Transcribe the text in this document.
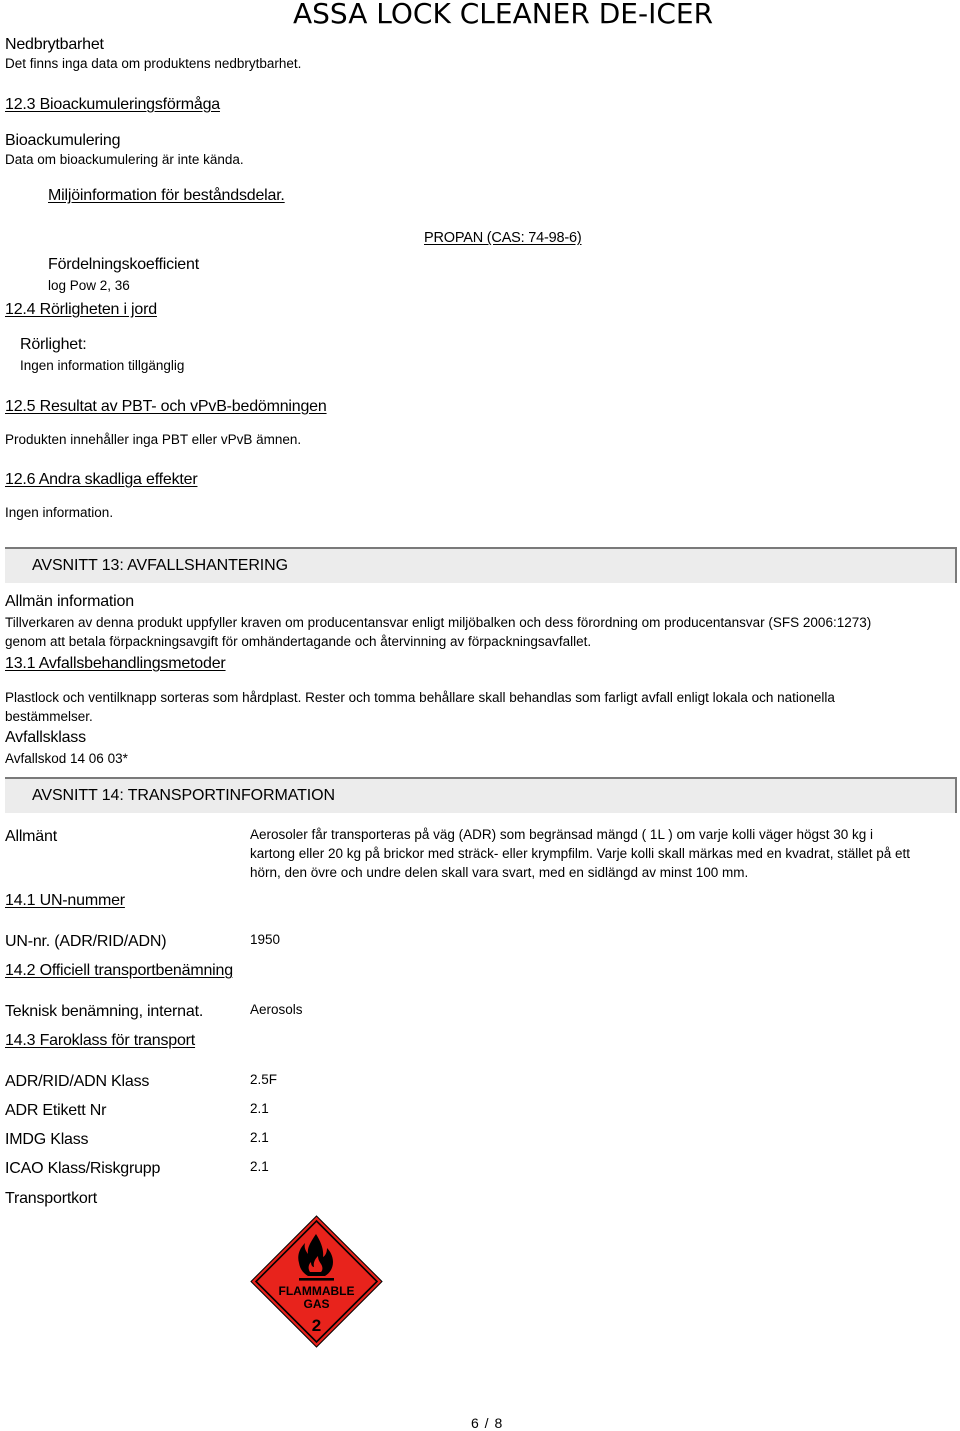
ASSA LOCK CLEANER DE-ICER
Nedbrytbarhet
Det finns inga data om produktens nedbrytbarhet.
12.3 Bioackumuleringsförmåga
Bioackumulering
Data om bioackumulering är inte kända.
Miljöinformation för beståndsdelar.
PROPAN (CAS: 74-98-6)
Fördelningskoefficient
log Pow 2, 36
12.4 Rörligheten i jord
Rörlighet:
Ingen information tillgänglig
12.5 Resultat av PBT- och vPvB-bedömningen
Produkten innehåller inga PBT eller vPvB ämnen.
12.6 Andra skadliga effekter
Ingen information.
AVSNITT 13: AVFALLSHANTERING
Allmän information
Tillverkaren av denna produkt uppfyller kraven om producentansvar enligt miljöbalken och dess förordning om producentansvar (SFS 2006:1273) genom att betala förpackningsavgift för omhändertagande och återvinning av förpackningsavfallet.
13.1 Avfallsbehandlingsmetoder
Plastlock och ventilknapp sorteras som hårdplast. Rester och tomma behållare skall behandlas som farligt avfall enligt lokala och nationella bestämmelser.
Avfallsklass
Avfallskod 14 06 03*
AVSNITT 14: TRANSPORTINFORMATION
Allmänt	Aerosoler får transporteras på väg (ADR) som begränsad mängd ( 1L ) om varje kolli väger högst 30 kg i kartong eller 20 kg på brickor med sträck- eller krympfilm. Varje kolli skall märkas med en kvadrat, stället på ett hörn, den övre och undre delen skall vara svart, med en sidlängd av minst 100 mm.
14.1 UN-nummer
UN-nr. (ADR/RID/ADN)	1950
14.2 Officiell transportbenämning
Teknisk benämning, internat.	Aerosols
14.3 Faroklass för transport
ADR/RID/ADN Klass	2.5F
ADR Etikett Nr	2.1
IMDG Klass	2.1
ICAO Klass/Riskgrupp	2.1
Transportkort
FLAMMABLE
GAS
2
6 / 8
